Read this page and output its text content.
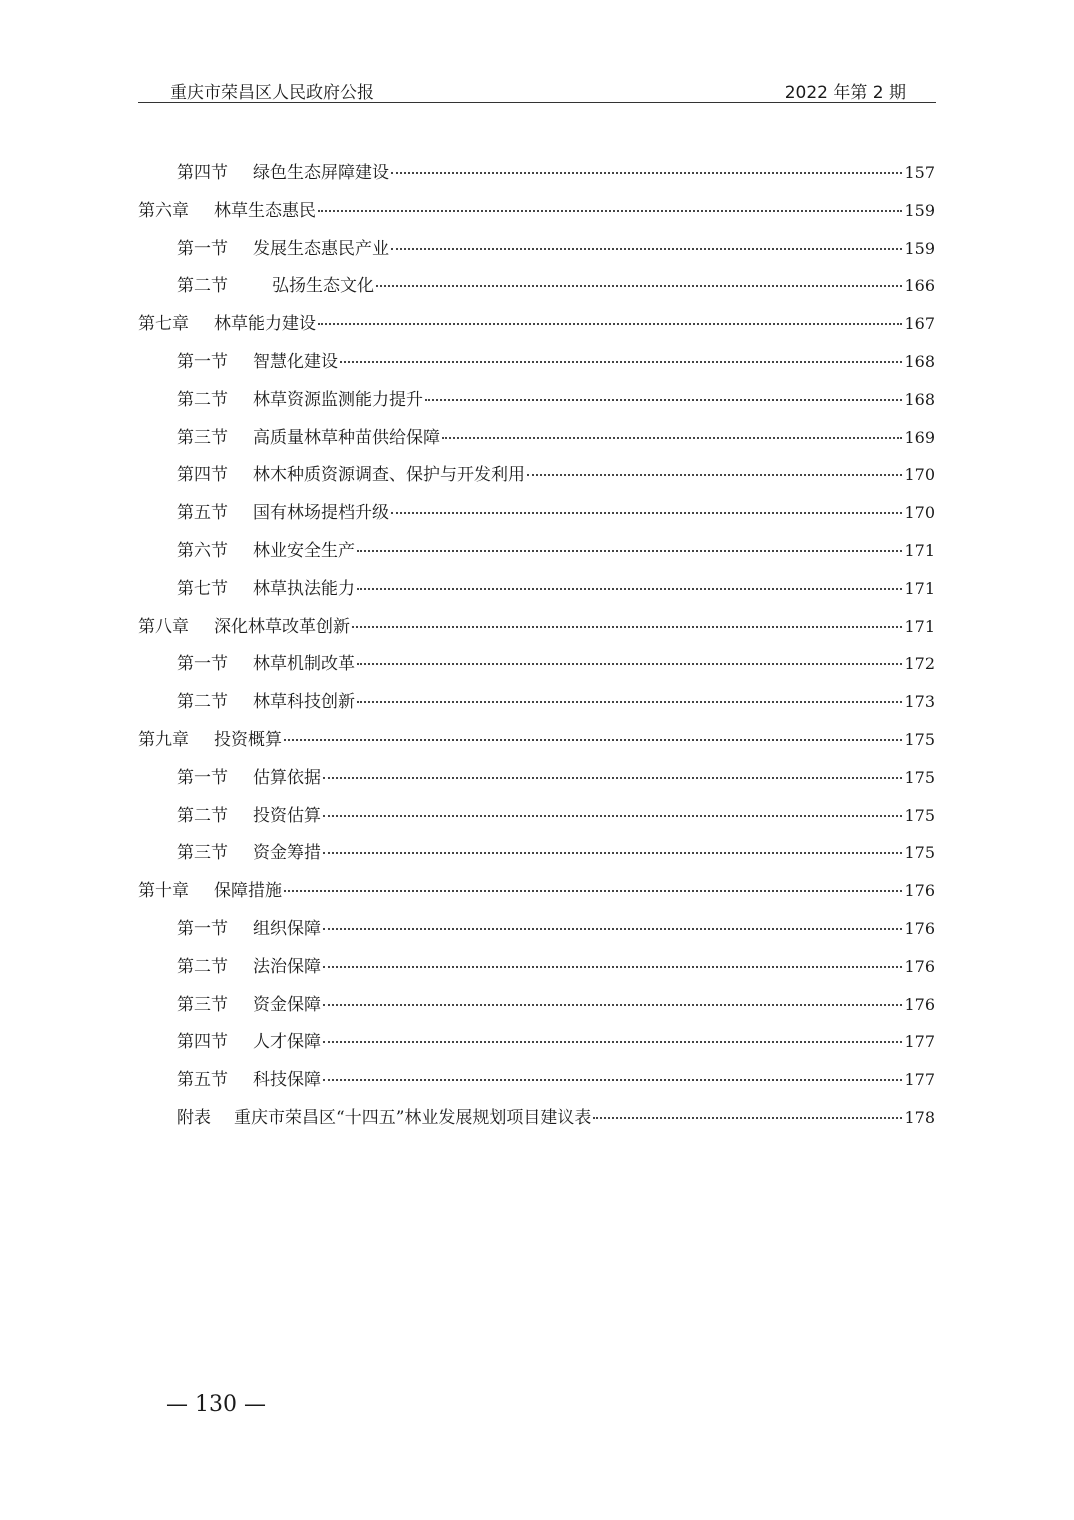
重庆市荣昌区人民政府公报	2022 年第 2 期
第四节	绿色生态屏障建设	157
第六章	林草生态惠民	159
第一节	发展生态惠民产业	159
第二节	弘扬生态文化	166
第七章	林草能力建设	167
第一节	智慧化建设	168
第二节	林草资源监测能力提升	168
第三节	高质量林草种苗供给保障	169
第四节	林木种质资源调查、保护与开发利用	170
第五节	国有林场提档升级	170
第六节	林业安全生产	171
第七节	林草执法能力	171
第八章	深化林草改革创新	171
第一节	林草机制改革	172
第二节	林草科技创新	173
第九章	投资概算	175
第一节	估算依据	175
第二节	投资估算	175
第三节	资金筹措	175
第十章	保障措施	176
第一节	组织保障	176
第二节	法治保障	176
第三节	资金保障	176
第四节	人才保障	177
第五节	科技保障	177
附表	重庆市荣昌区“十四五”林业发展规划项目建议表	178
— 130 —
